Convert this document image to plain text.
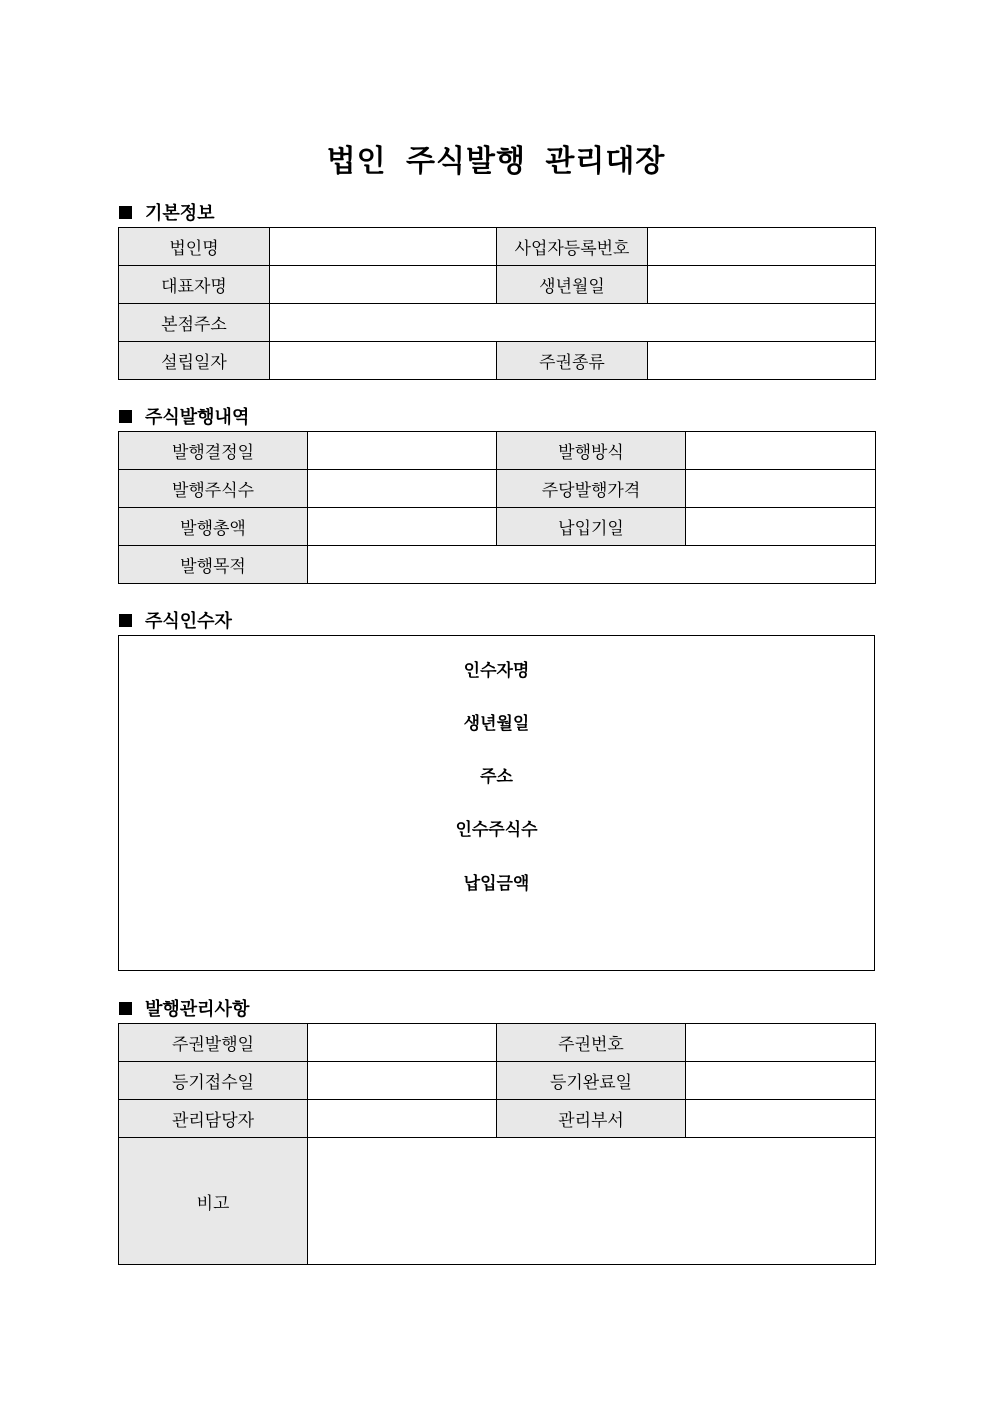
법인 주식발행 관리대장
기본정보
법인명		사업자등록번호	
대표자명		생년월일	
본점주소			
설립일자		주권종류	
주식발행내역
발행결정일		발행방식	
발행주식수		주당발행가격	
발행총액		납입기일	
발행목적			
주식인수자

인수자명

생년월일

주소

인수주식수

납입금액

발행관리사항
주권발행일		주권번호	
등기접수일		등기완료일	
관리담당자		관리부서	
비고			
